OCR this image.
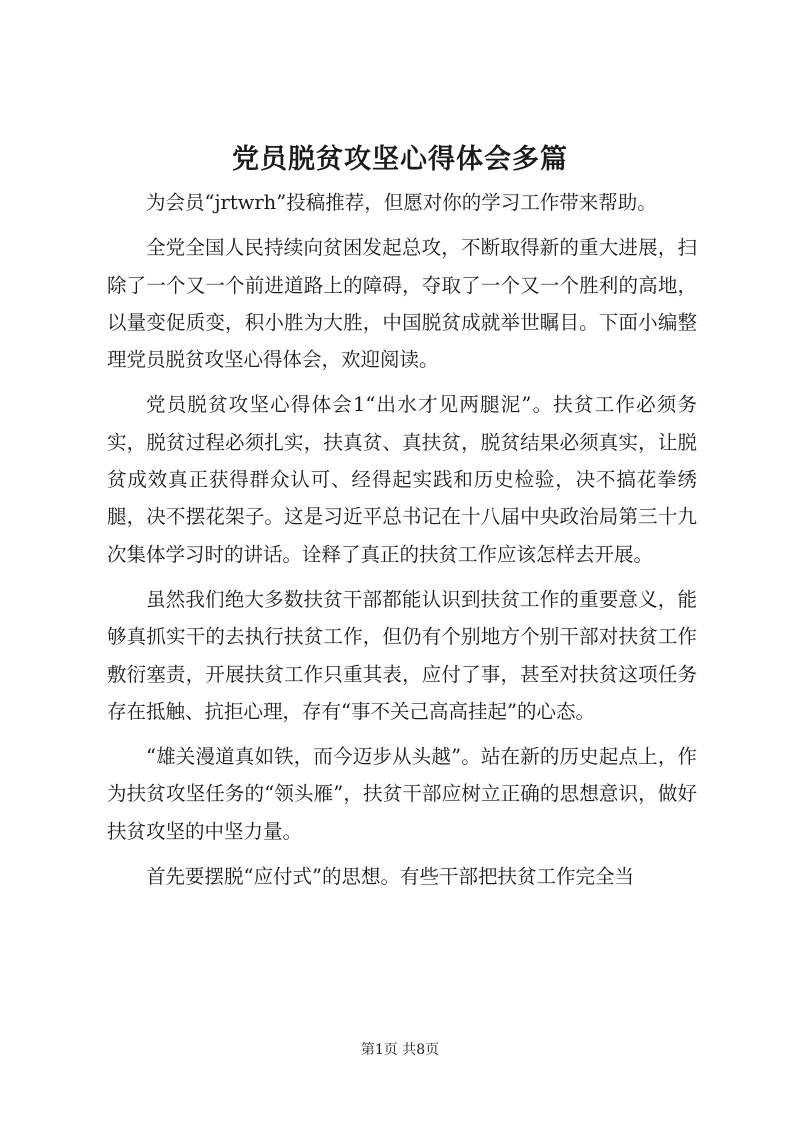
党员脱贫攻坚心得体会多篇

为会员“jrtwrh”投稿推荐，但愿对你的学习工作带来帮助。

全党全国人民持续向贫困发起总攻，不断取得新的重大进展，扫除了一个又一个前进道路上的障碍，夺取了一个又一个胜利的高地，以量变促质变，积小胜为大胜，中国脱贫成就举世瞩目。下面小编整理党员脱贫攻坚心得体会，欢迎阅读。

党员脱贫攻坚心得体会1“出水才见两腿泥”。扶贫工作必须务实，脱贫过程必须扎实，扶真贫、真扶贫，脱贫结果必须真实，让脱贫成效真正获得群众认可、经得起实践和历史检验，决不搞花拳绣腿，决不摆花架子。这是习近平总书记在十八届中央政治局第三十九次集体学习时的讲话。诠释了真正的扶贫工作应该怎样去开展。

虽然我们绝大多数扶贫干部都能认识到扶贫工作的重要意义，能够真抓实干的去执行扶贫工作，但仍有个别地方个别干部对扶贫工作敷衍塞责，开展扶贫工作只重其表，应付了事，甚至对扶贫这项任务存在抵触、抗拒心理，存有“事不关己高高挂起”的心态。

“雄关漫道真如铁，而今迈步从头越”。站在新的历史起点上，作为扶贫攻坚任务的“领头雁”，扶贫干部应树立正确的思想意识，做好扶贫攻坚的中坚力量。

首先要摆脱“应付式”的思想。有些干部把扶贫工作完全当

第1页 共8页
